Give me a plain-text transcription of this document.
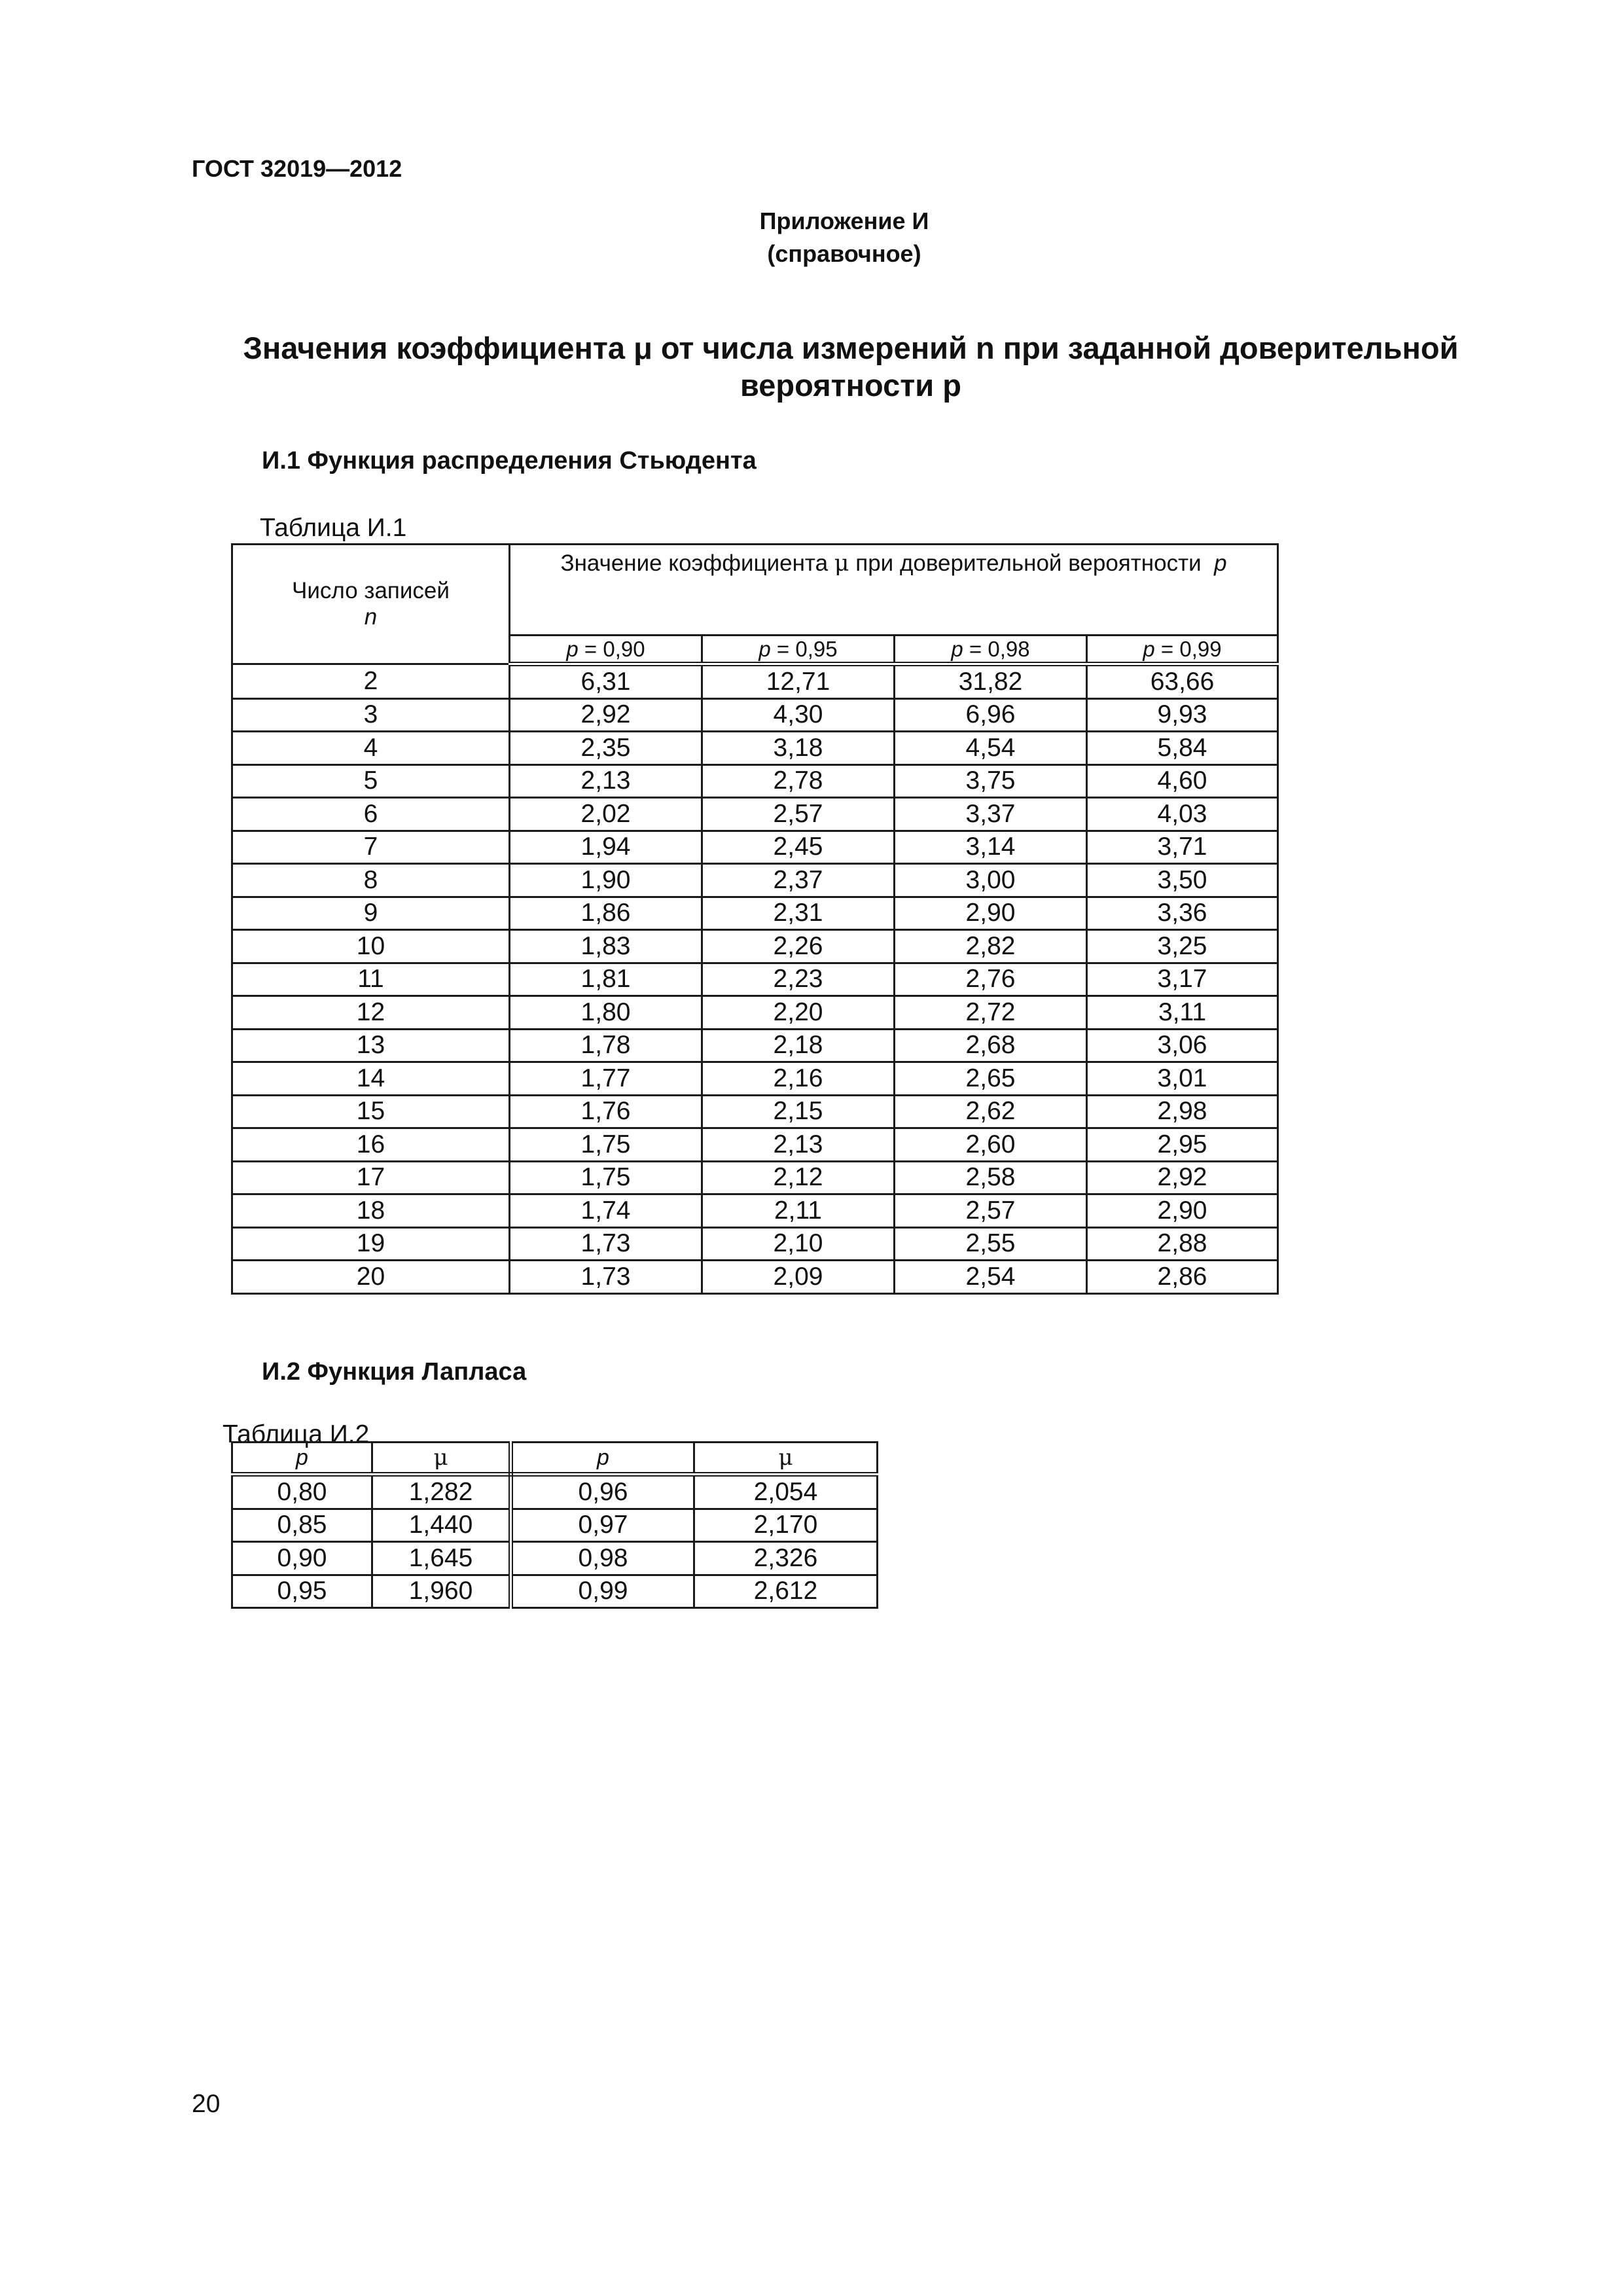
ГОСТ 32019—2012

Приложение И
(справочное)
Значения коэффициента μ от числа измерений n при заданной доверительной
вероятности p
И.1 Функция распределения Стьюдента

Таблица И.1

Число записей
n	Значение коэффициента μ при доверительной вероятности p			
	p = 0,90	p = 0,95	p = 0,98	p = 0,99
2	6,31	12,71	31,82	63,66
3	2,92	4,30	6,96	9,93
4	2,35	3,18	4,54	5,84
5	2,13	2,78	3,75	4,60
6	2,02	2,57	3,37	4,03
7	1,94	2,45	3,14	3,71
8	1,90	2,37	3,00	3,50
9	1,86	2,31	2,90	3,36
10	1,83	2,26	2,82	3,25
11	1,81	2,23	2,76	3,17
12	1,80	2,20	2,72	3,11
13	1,78	2,18	2,68	3,06
14	1,77	2,16	2,65	3,01
15	1,76	2,15	2,62	2,98
16	1,75	2,13	2,60	2,95
17	1,75	2,12	2,58	2,92
18	1,74	2,11	2,57	2,90
19	1,73	2,10	2,55	2,88
20	1,73	2,09	2,54	2,86
И.2 Функция Лапласа

Таблица И.2

p	μ	p	μ
0,80	1,282	0,96	2,054
0,85	1,440	0,97	2,170
0,90	1,645	0,98	2,326
0,95	1,960	0,99	2,612

20
